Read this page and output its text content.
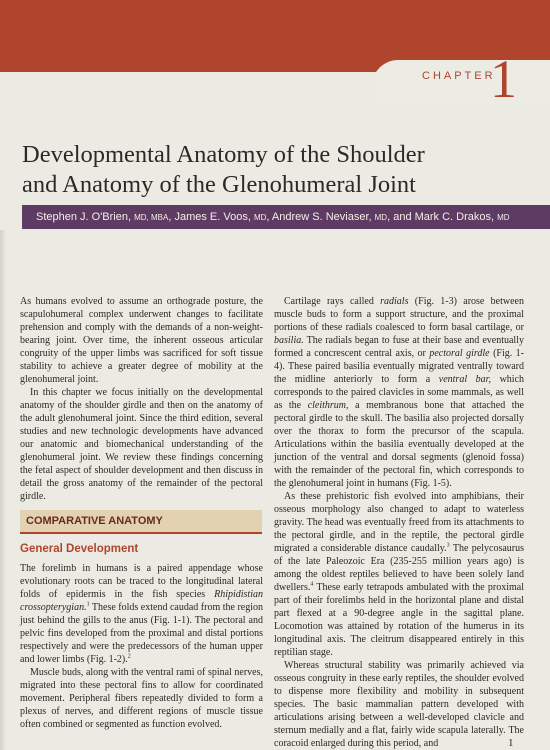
CHAPTER
1
Developmental Anatomy of the Shoulder
and Anatomy of the Glenohumeral Joint
Stephen J. O'Brien, MD, MBA, James E. Voos, MD, Andrew S. Neviaser, MD, and Mark C. Drakos, MD

As humans evolved to assume an orthograde posture, the scapulohumeral complex underwent changes to facilitate prehension and comply with the demands of a non-weight-bearing joint. Over time, the inherent osseous articular congruity of the upper limbs was sacrificed for soft tissue stability to achieve a greater degree of mobility at the glenohumeral joint.

In this chapter we focus initially on the developmental anatomy of the shoulder girdle and then on the anatomy of the adult glenohumeral joint. Since the third edition, several studies and new technologic developments have advanced our anatomic and biomechanical understanding of the glenohumeral joint. We review these findings concerning the fetal aspect of shoulder development and then discuss in detail the gross anatomy of the remainder of the pectoral girdle.

COMPARATIVE ANATOMY
General Development

The forelimb in humans is a paired appendage whose evolutionary roots can be traced to the longitudinal lateral folds of epidermis in the fish species Rhipidistian crossopterygian.$^1$ These folds extend caudad from the region just behind the gills to the anus (Fig. 1-1). The pectoral and pelvic fins developed from the proximal and distal portions respectively and were the predecessors of the human upper and lower limbs (Fig. 1-2).$^2$

Muscle buds, along with the ventral rami of spinal nerves, migrated into these pectoral fins to allow for coordinated movement. Peripheral fibers repeatedly divided to form a plexus of nerves, and different regions of muscle tissue often combined or segmented as function evolved.

Cartilage rays called radials (Fig. 1-3) arose between muscle buds to form a support structure, and the proximal portions of these radials coalesced to form basal cartilage, or basilia. The radials began to fuse at their base and eventually formed a concrescent central axis, or pectoral girdle (Fig. 1-4). These paired basilia eventually migrated ventrally toward the midline anteriorly to form a ventral bar, which corresponds to the paired clavicles in some mammals, as well as the cleithrum, a membranous bone that attached the pectoral girdle to the skull. The basilia also projected dorsally over the thorax to form the precursor of the scapula. Articulations within the basilia eventually developed at the junction of the ventral and dorsal segments (glenoid fossa) with the remainder of the pectoral fin, which corresponds to the glenohumeral joint in humans (Fig. 1-5).

As these prehistoric fish evolved into amphibians, their osseous morphology also changed to adapt to waterless gravity. The head was eventually freed from its attachments to the pectoral girdle, and in the reptile, the pectoral girdle migrated a considerable distance caudally.$^3$ The pelycosaurus of the late Paleozoic Era (235-255 million years ago) is among the oldest reptiles believed to have been solely land dwellers.$^4$ These early tetrapods ambulated with the proximal part of their forelimbs held in the horizontal plane and distal part flexed at a 90-degree angle in the sagittal plane. Locomotion was attained by rotation of the humerus in its longitudinal axis. The cleitrum disappeared entirely in this reptilian stage.

Whereas structural stability was primarily achieved via osseous congruity in these early reptiles, the shoulder evolved to dispense more flexibility and mobility in subsequent species. The basic mammalian pattern developed with articulations arising between a well-developed clavicle and sternum medially and a flat, fairly wide scapula laterally. The coracoid enlarged during this period, and	1
